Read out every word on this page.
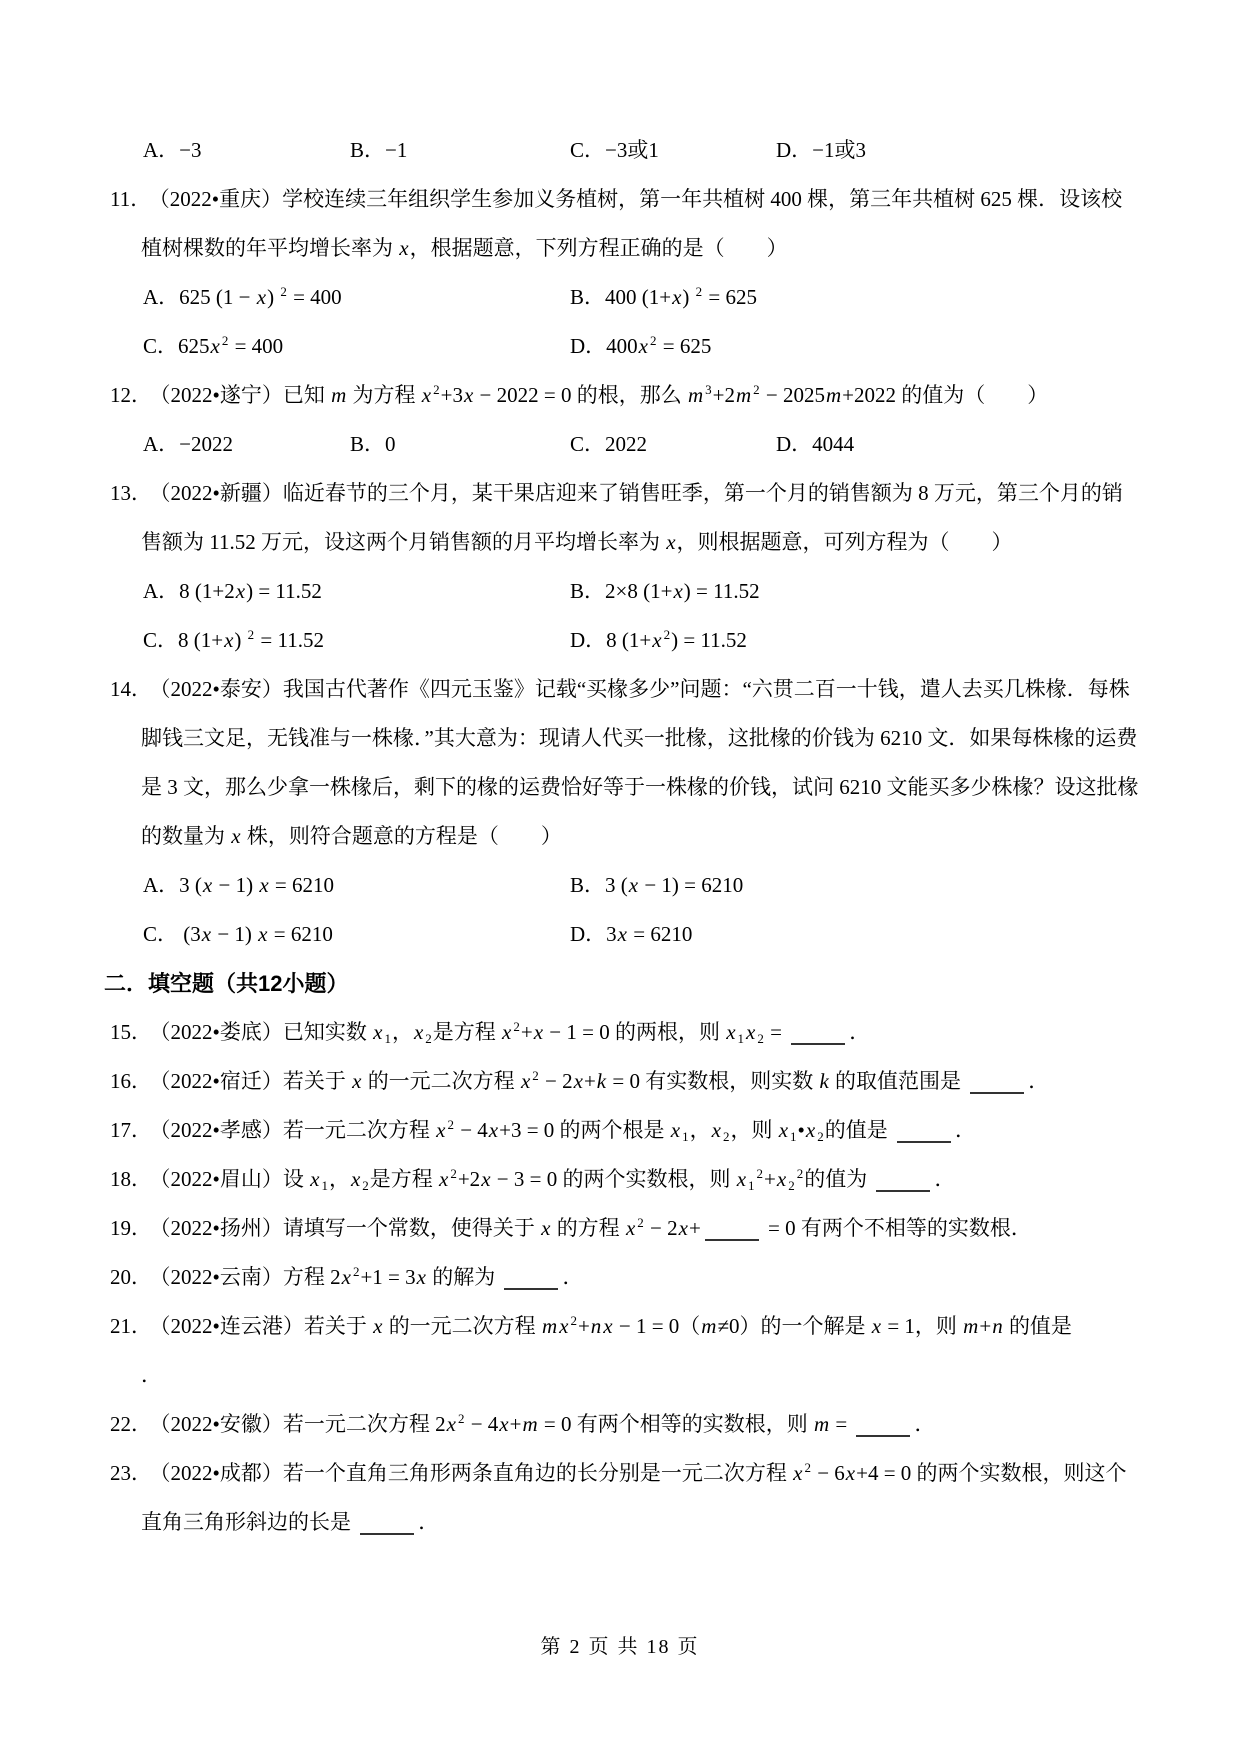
A．−3	B．−1	C．−3或1	D．−1或3
11． （2022•重庆）学校连续三年组织学生参加义务植树，第一年共植树 400 棵，第三年共植树 625 棵．设该校植树棵数的年平均增长率为 x，根据题意，下列方程正确的是（　　）
A．625 (1 − x) $^2$ = 400	B．400 (1+x) $^2$ = 625
C．625x $^2$ = 400	D．400x $^2$ = 625
12． （2022•遂宁）已知 m 为方程 x $^2$+3x − 2022 = 0 的根，那么 m $^3$+2m $^2$ − 2025m+2022 的值为（　　）
A．−2022	B．0	C．2022	D．4044
13． （2022•新疆）临近春节的三个月，某干果店迎来了销售旺季，第一个月的销售额为 8 万元，第三个月的销售额为 11.52 万元，设这两个月销售额的月平均增长率为 x，则根据题意，可列方程为（　　）
A．8 (1+2x) = 11.52	B．2×8 (1+x) = 11.52
C．8 (1+x) $^2$ = 11.52	D．8 (1+x $^2$) = 11.52
14． （2022•泰安）我国古代著作《四元玉鉴》记载“买椽多少”问题：“六贯二百一十钱，遣人去买几株椽．每株脚钱三文足，无钱准与一株椽．”其大意为：现请人代买一批椽，这批椽的价钱为 6210 文．如果每株椽的运费是 3 文，那么少拿一株椽后，剩下的椽的运费恰好等于一株椽的价钱，试问 6210 文能买多少株椽？设这批椽的数量为 x 株，则符合题意的方程是（　　）
A．3 (x − 1) x = 6210	B．3 (x − 1) = 6210
C． (3x − 1) x = 6210	D．3x = 6210
二．填空题（共12小题）
15． （2022•娄底）已知实数 x $_1$，x $_2$是方程 x $^2$+x − 1 = 0 的两根，则 x $_1$x $_2$ =	．
16． （2022•宿迁）若关于 x 的一元二次方程 x $^2$ − 2x+k = 0 有实数根，则实数 k 的取值范围是	．
17． （2022•孝感）若一元二次方程 x $^2$ − 4x+3 = 0 的两个根是 x $_1$，x $_2$，则 x $_1$•x $_2$的值是	．
18． （2022•眉山）设 x $_1$，x $_2$是方程 x $^2$+2x − 3 = 0 的两个实数根，则 x $_1^2$+x $_2^2$的值为	．
19． （2022•扬州）请填写一个常数，使得关于 x 的方程 x $^2$ − 2x+	= 0 有两个不相等的实数根．
20． （2022•云南）方程 2x $^2$+1 = 3x 的解为	．
21． （2022•连云港）若关于 x 的一元二次方程 mx $^2$+nx − 1 = 0（m≠0）的一个解是 x = 1，则 m+n 的值是
．
22． （2022•安徽）若一元二次方程 2x $^2$ − 4x+m = 0 有两个相等的实数根，则 m =	．
23． （2022•成都）若一个直角三角形两条直角边的长分别是一元二次方程 x $^2$ − 6x+4 = 0 的两个实数根，则这个直角三角形斜边的长是	．
第 2 页 共 18 页
